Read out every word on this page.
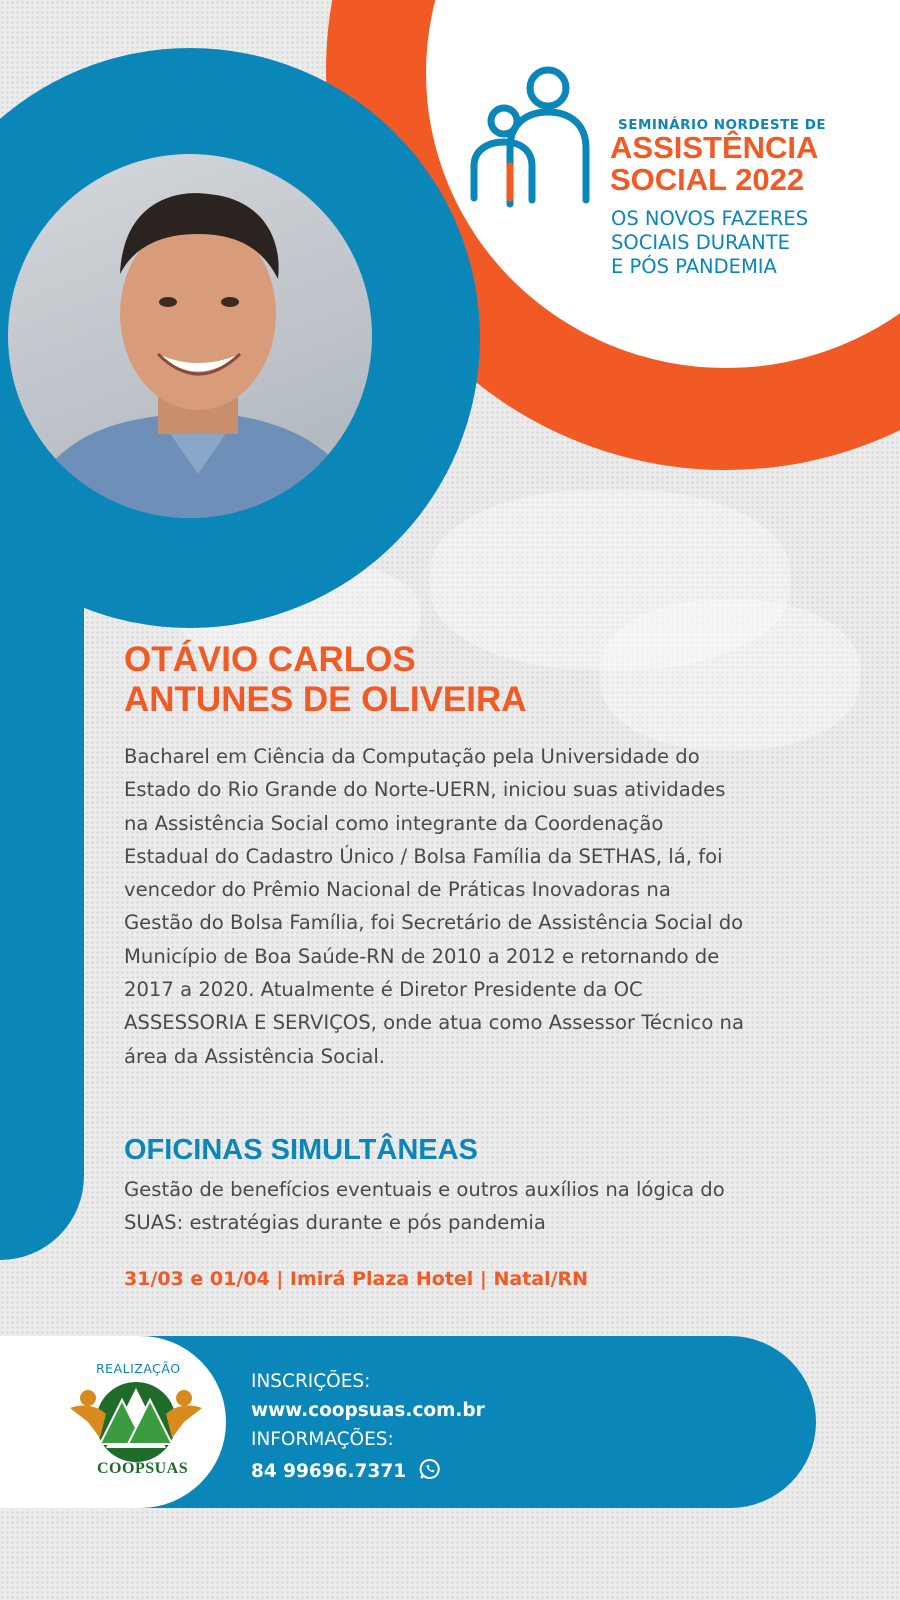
SEMINÁRIO NORDESTE DE
ASSISTÊNCIA
SOCIAL 2022
OS NOVOS FAZERES
SOCIAIS DURANTE
E PÓS PANDEMIA
OTÁVIO CARLOS
ANTUNES DE OLIVEIRA
Bacharel em Ciência da Computação pela Universidade do Estado do Rio Grande do Norte-UERN, iniciou suas atividades na Assistência Social como integrante da Coordenação Estadual do Cadastro Único / Bolsa Família da SETHAS, lá, foi vencedor do Prêmio Nacional de Práticas Inovadoras na Gestão do Bolsa Família, foi Secretário de Assistência Social do Município de Boa Saúde-RN de 2010 a 2012 e retornando de 2017 a 2020. Atualmente é Diretor Presidente da OC ASSESSORIA E SERVIÇOS, onde atua como Assessor Técnico na área da Assistência Social.
OFICINAS SIMULTÂNEAS
Gestão de benefícios eventuais e outros auxílios na lógica do SUAS: estratégias durante e pós pandemia
31/03 e 01/04 | Imirá Plaza Hotel | Natal/RN
REALIZAÇÃO
COOPSUAS
INSCRIÇÕES:
www.coopsuas.com.br
INFORMAÇÕES:
84 99696.7371
